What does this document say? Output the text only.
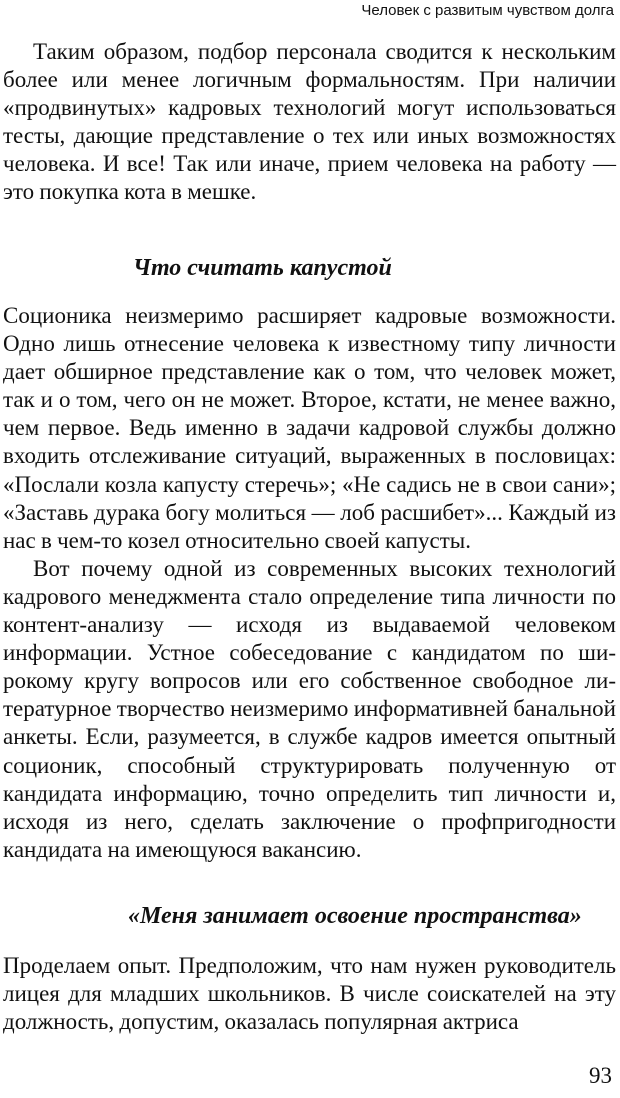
Человек с развитым чувством долга

Таким образом, подбор персонала сводится к нескольким более или менее логичным формальностям. При наличии «продвинутых» кадровых технологий могут использоваться тесты, дающие представление о тех или иных возможностях человека. И все! Так или иначе, прием человека на работу — это покупка кота в мешке.

Что считать капустой

Соционика неизмеримо расширяет кадровые возможности. Одно лишь отнесение человека к известному типу личности дает обширное представление как о том, что человек может, так и о том, чего он не может. Второе, кстати, не менее важно, чем первое. Ведь именно в задачи кадровой службы должно входить отслеживание ситуаций, выраженных в пословицах: «Послали козла капусту стеречь»; «Не садись не в свои сани»; «Заставь дурака богу молиться — лоб расшибет»... Каждый из нас в чем-то козел относительно своей капусты.

Вот почему одной из современных высоких технологий кадрового менеджмента стало определение типа личности по контент-анализу — исходя из выдаваемой человеком информации. Устное собеседование с кандидатом по широкому кругу вопросов или его собственное свободное литературное творчество неизмеримо информативней банальной анкеты. Если, разумеется, в службе кадров имеется опытный соционик, способный структурировать полученную от кандидата информацию, точно определить тип личности и, исходя из него, сделать заключение о профпригодности кандидата на имеющуюся вакансию.

«Меня занимает освоение пространства»

Проделаем опыт. Предположим, что нам нужен руководитель лицея для младших школьников. В числе соискателей на эту должность, допустим, оказалась популярная актриса

93
